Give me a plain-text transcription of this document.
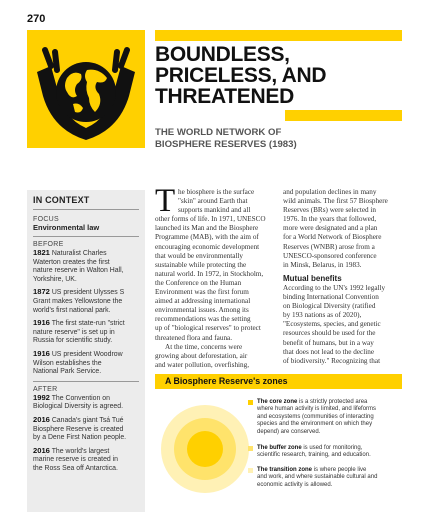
270
BOUNDLESS,
PRICELESS, AND
THREATENED
THE WORLD NETWORK OF
BIOSPHERE RESERVES (1983)
IN CONTEXT
FOCUS
Environmental law
BEFORE
1821 Naturalist Charles
Waterton creates the first
nature reserve in Walton Hall,
Yorkshire, UK.
1872 US president Ulysses S
Grant makes Yellowstone the
world's first national park.
1916 The first state-run "strict
nature reserve" is set up in
Russia for scientific study.
1916 US president Woodrow
Wilson establishes the
National Park Service.
AFTER
1992 The Convention on
Biological Diversity is agreed.
2016 Canada's giant Tsá Tué
Biosphere Reserve is created
by a Dene First Nation people.
2016 The world's largest
marine reserve is created in
the Ross Sea off Antarctica.
T he biosphere is the surface
"skin" around Earth that
supports mankind and all
other forms of life. In 1971, UNESCO
launched its Man and the Biosphere
Programme (MAB), with the aim of
encouraging economic development
that would be environmentally
sustainable while protecting the
natural world. In 1972, in Stockholm,
the Conference on the Human
Environment was the first forum
aimed at addressing international
environmental issues. Among its
recommendations was the setting
up of "biological reserves" to protect
threatened flora and fauna.
At the time, concerns were
growing about deforestation, air
and water pollution, overfishing,
and population declines in many
wild animals. The first 57 Biosphere
Reserves (BRs) were selected in
1976. In the years that followed,
more were designated and a plan
for a World Network of Biosphere
Reserves (WNBR) arose from a
UNESCO-sponsored conference
in Minsk, Belarus, in 1983.
Mutual benefits
According to the UN's 1992 legally
binding International Convention
on Biological Diversity (ratified
by 193 nations as of 2020),
"Ecosystems, species, and genetic
resources should be used for the
benefit of humans, but in a way
that does not lead to the decline
of biodiversity." Recognizing that
A Biosphere Reserve's zones
The core zone is a strictly protected area
where human activity is limited, and lifeforms
and ecosystems (communities of interacting
species and the environment on which they
depend) are conserved.
The buffer zone is used for monitoring,
scientific research, training, and education.
The transition zone is where people live
and work, and where sustainable cultural and
economic activity is allowed.
